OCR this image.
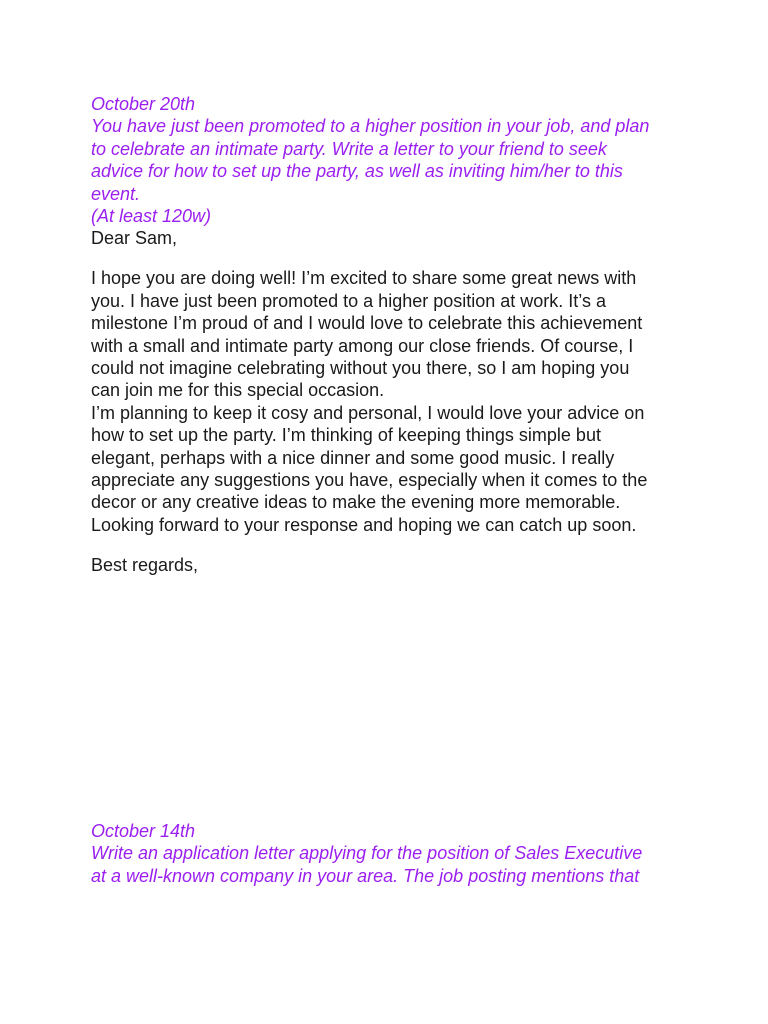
October 20th
You have just been promoted to a higher position in your job, and plan
to celebrate an intimate party. Write a letter to your friend to seek
advice for how to set up the party, as well as inviting him/her to this
event.
(At least 120w)
Dear Sam,
I hope you are doing well! I’m excited to share some great news with
you. I have just been promoted to a higher position at work. It’s a
milestone I’m proud of and I would love to celebrate this achievement
with a small and intimate party among our close friends. Of course, I
could not imagine celebrating without you there, so I am hoping you
can join me for this special occasion.
I’m planning to keep it cosy and personal, I would love your advice on
how to set up the party. I’m thinking of keeping things simple but
elegant, perhaps with a nice dinner and some good music. I really
appreciate any suggestions you have, especially when it comes to the
decor or any creative ideas to make the evening more memorable.
Looking forward to your response and hoping we can catch up soon.
Best regards,
October 14th
Write an application letter applying for the position of Sales Executive
at a well-known company in your area. The job posting mentions that
